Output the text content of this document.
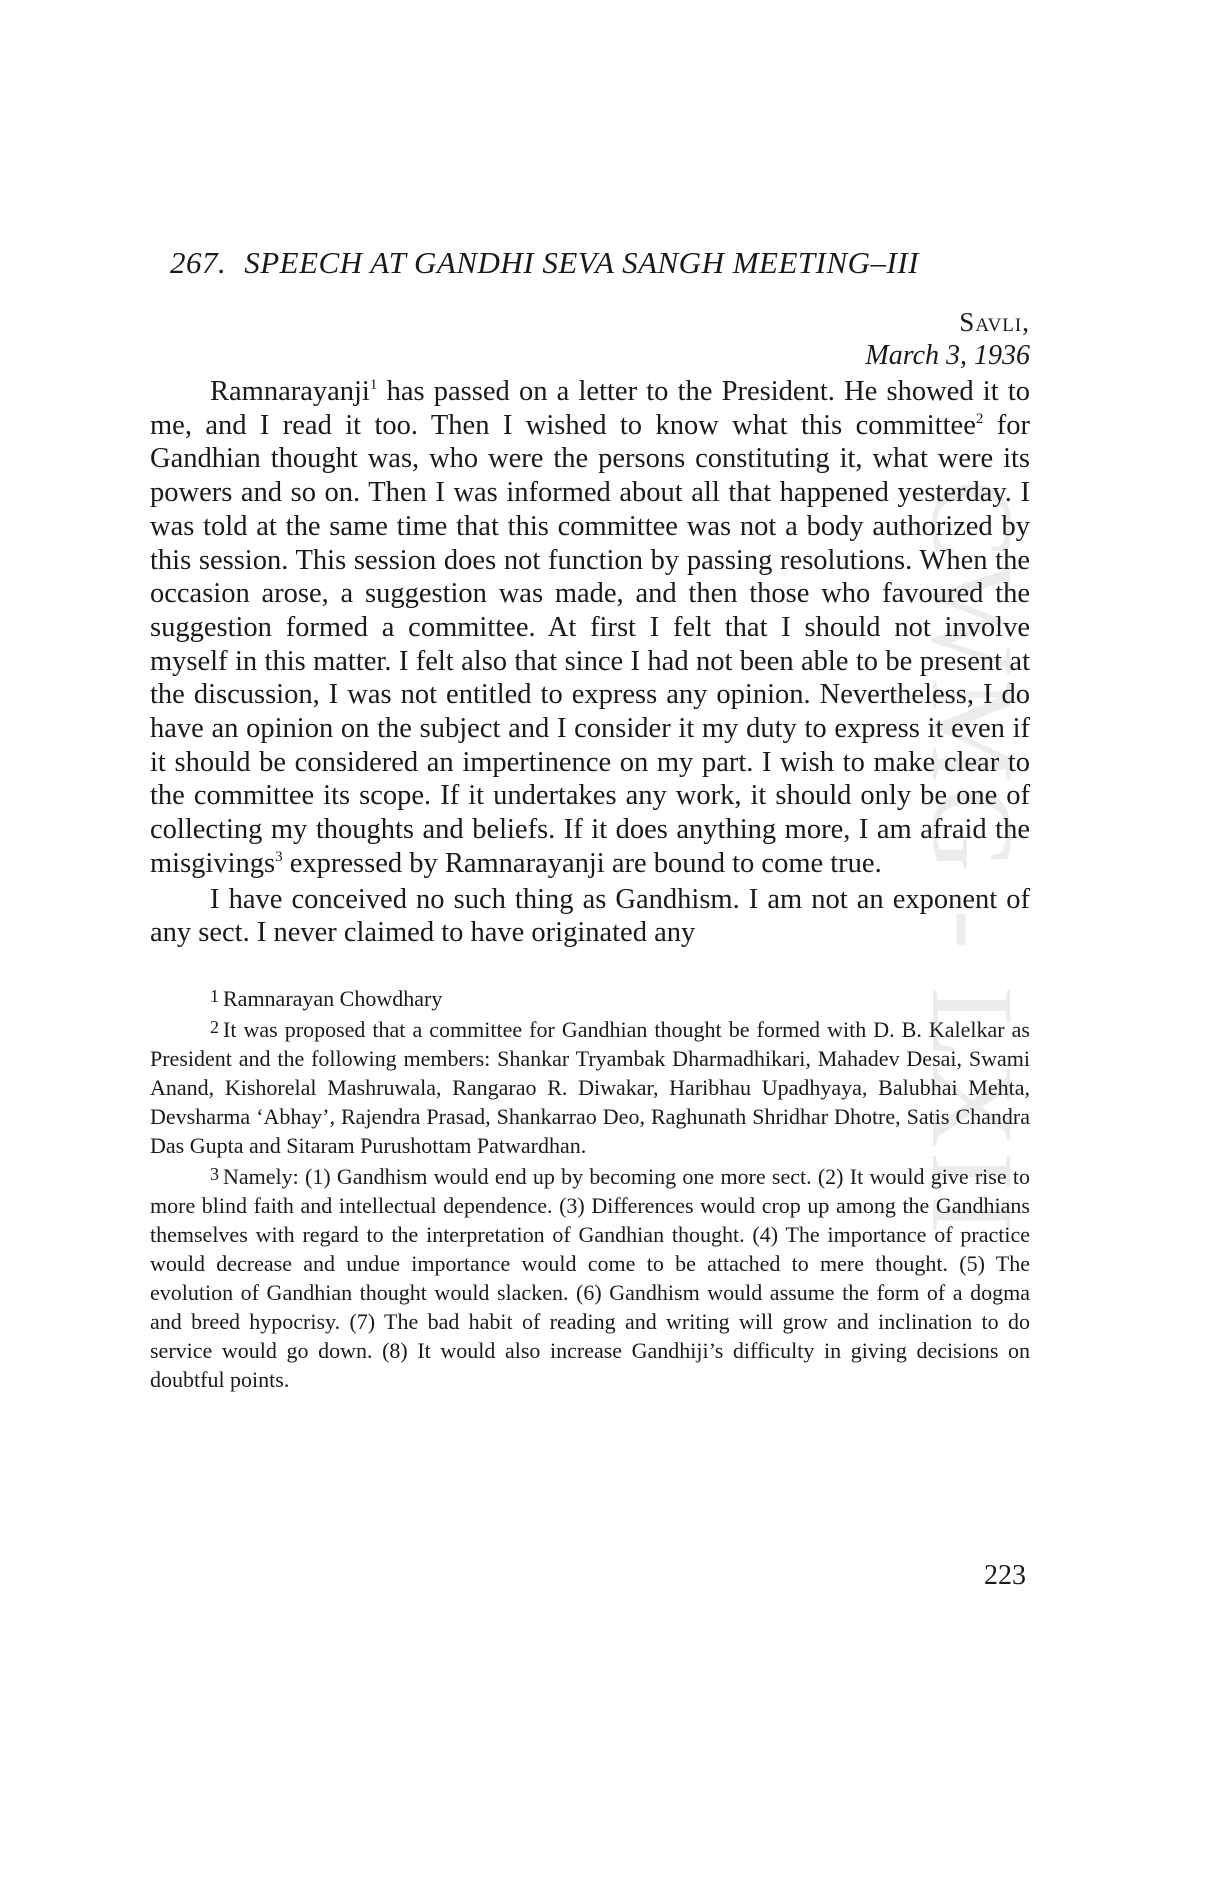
CWMG - LXII
267. SPEECH AT GANDHI SEVA SANGH MEETING–III
Savli,
March 3, 1936

Ramnarayanji$^1$ has passed on a letter to the President. He showed it to me, and I read it too. Then I wished to know what this committee$^2$ for Gandhian thought was, who were the persons constituting it, what were its powers and so on. Then I was informed about all that happened yesterday. I was told at the same time that this committee was not a body authorized by this session. This session does not function by passing resolutions. When the occasion arose, a suggestion was made, and then those who favoured the suggestion formed a committee. At first I felt that I should not involve myself in this matter. I felt also that since I had not been able to be present at the discussion, I was not entitled to express any opinion. Nevertheless, I do have an opinion on the subject and I consider it my duty to express it even if it should be considered an impertinence on my part. I wish to make clear to the committee its scope. If it undertakes any work, it should only be one of collecting my thoughts and beliefs. If it does anything more, I am afraid the misgivings$^3$ expressed by Ramnarayanji are bound to come true.

I have conceived no such thing as Gandhism. I am not an exponent of any sect. I never claimed to have originated any

1 Ramnarayan Chowdhary

2 It was proposed that a committee for Gandhian thought be formed with D. B. Kalelkar as President and the following members: Shankar Tryambak Dharmadhikari, Mahadev Desai, Swami Anand, Kishorelal Mashruwala, Rangarao R. Diwakar, Haribhau Upadhyaya, Balubhai Mehta, Devsharma ‘Abhay’, Rajendra Prasad, Shankarrao Deo, Raghunath Shridhar Dhotre, Satis Chandra Das Gupta and Sitaram Purushottam Patwardhan.

3 Namely: (1) Gandhism would end up by becoming one more sect. (2) It would give rise to more blind faith and intellectual dependence. (3) Differences would crop up among the Gandhians themselves with regard to the interpretation of Gandhian thought. (4) The importance of practice would decrease and undue importance would come to be attached to mere thought. (5) The evolution of Gandhian thought would slacken. (6) Gandhism would assume the form of a dogma and breed hypocrisy. (7) The bad habit of reading and writing will grow and inclination to do service would go down. (8) It would also increase Gandhiji’s difficulty in giving decisions on doubtful points.

223
